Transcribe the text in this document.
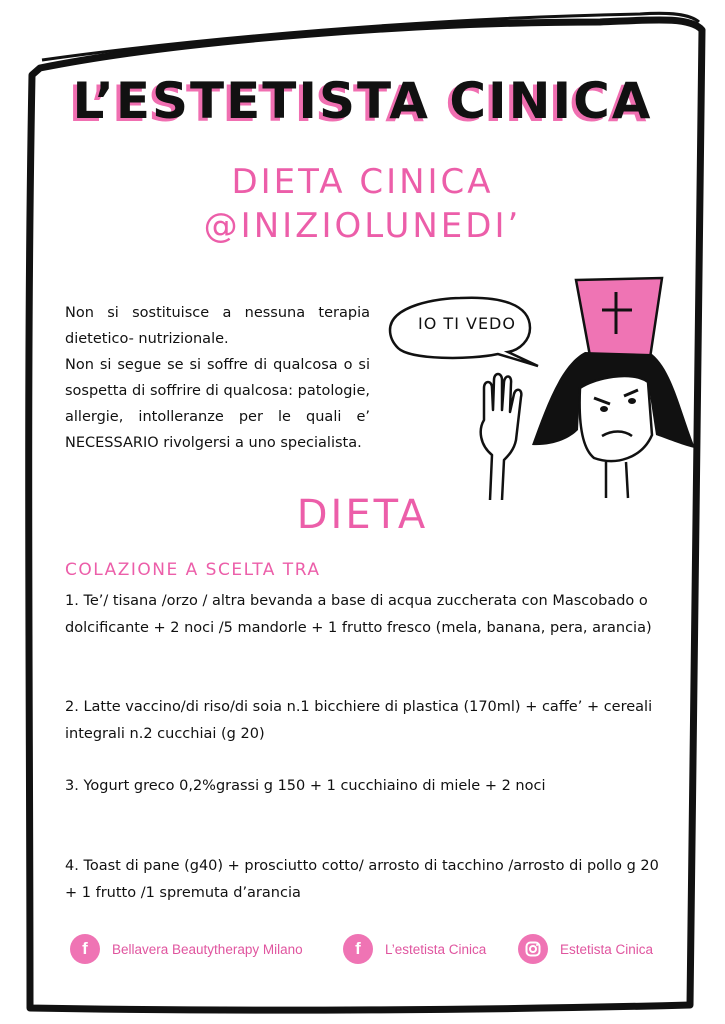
L’ESTETISTA CINICA
DIETA CINICA
@INIZIOLUNEDI’

Non si sostituisce a nessuna terapia dietetico- nutrizionale.

Non si segue se si soffre di qualcosa o si sospetta di soffrire di qualcosa: patologie, allergie, intolleranze per le quali e’ NECESSARIO rivolgersi a uno specialista.

IO TI VEDO
DIETA
COLAZIONE A SCELTA TRA

1. Te’/ tisana /orzo / altra bevanda a base di acqua zuccherata con Mascobado o dolcificante + 2 noci /5 mandorle + 1 frutto fresco (mela, banana, pera, arancia)

2. Latte vaccino/di riso/di soia n.1 bicchiere di plastica (170ml) + caffe’ + cereali integrali n.2 cucchiai (g 20)

3. Yogurt greco 0,2%grassi g 150 + 1 cucchiaino di miele + 2 noci

4. Toast di pane (g40) + prosciutto cotto/ arrosto di tacchino /arrosto di pollo g 20 + 1 frutto /1 spremuta d’arancia

f	Bellavera Beautytherapy Milano	f	L’estetista Cinica	Estetista Cinica
